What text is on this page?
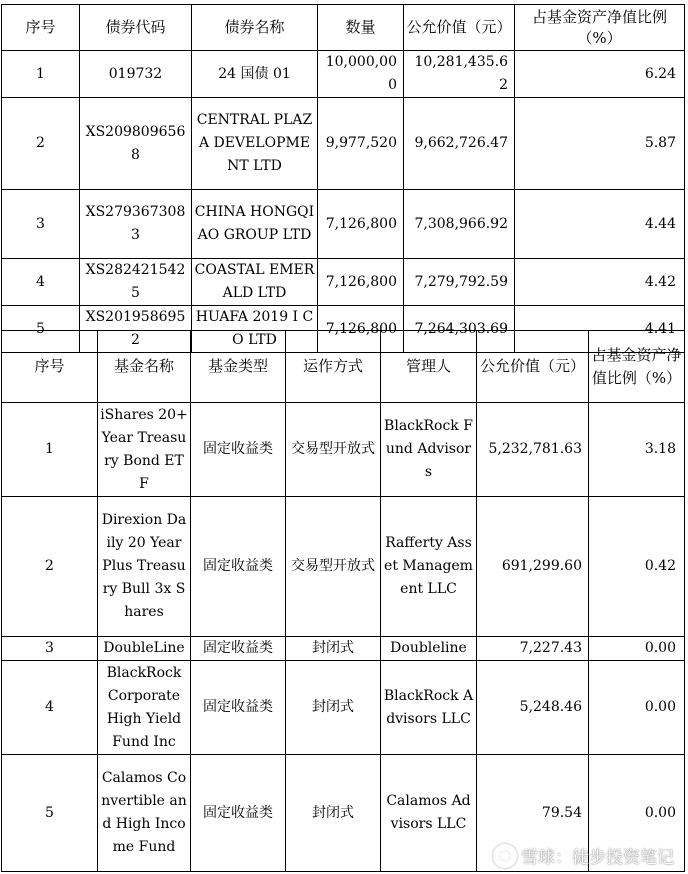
序号	债券代码	债券名称	数量	公允价值（元）	占基金资产净值比例（%）
1	019732	24 国债 01	10,000,000	10,281,435.62	6.24
2	XS2098096568	CENTRAL PLAZA DEVELOPMENT LTD	9,977,520	9,662,726.47	5.87
3	XS2793673083	CHINA HONGQIAO GROUP LTD	7,126,800	7,308,966.92	4.44
4	XS2824215425	COASTAL EMERALD LTD	7,126,800	7,279,792.59	4.42
5	XS2019586952	HUAFA 2019 I CO LTD	7,126,800	7,264,303.69	4.41
序号	基金名称	基金类型	运作方式	管理人	公允价值（元）	占基金资产净值比例（%）
1	iShares 20+ Year Treasury Bond ETF	固定收益类	交易型开放式	BlackRock Fund Advisors	5,232,781.63	3.18
2	Direxion Daily 20 Year Plus Treasury Bull 3x Shares	固定收益类	交易型开放式	Rafferty Asset Management LLC	691,299.60	0.42
3	DoubleLine	固定收益类	封闭式	Doubleline	7,227.43	0.00
4	BlackRock Corporate High Yield Fund Inc	固定收益类	封闭式	BlackRock Advisors LLC	5,248.46	0.00
5	Calamos Convertible and High Income Fund	固定收益类	封闭式	Calamos Advisors LLC	79.54	0.00
雪球：徒步投资笔记
